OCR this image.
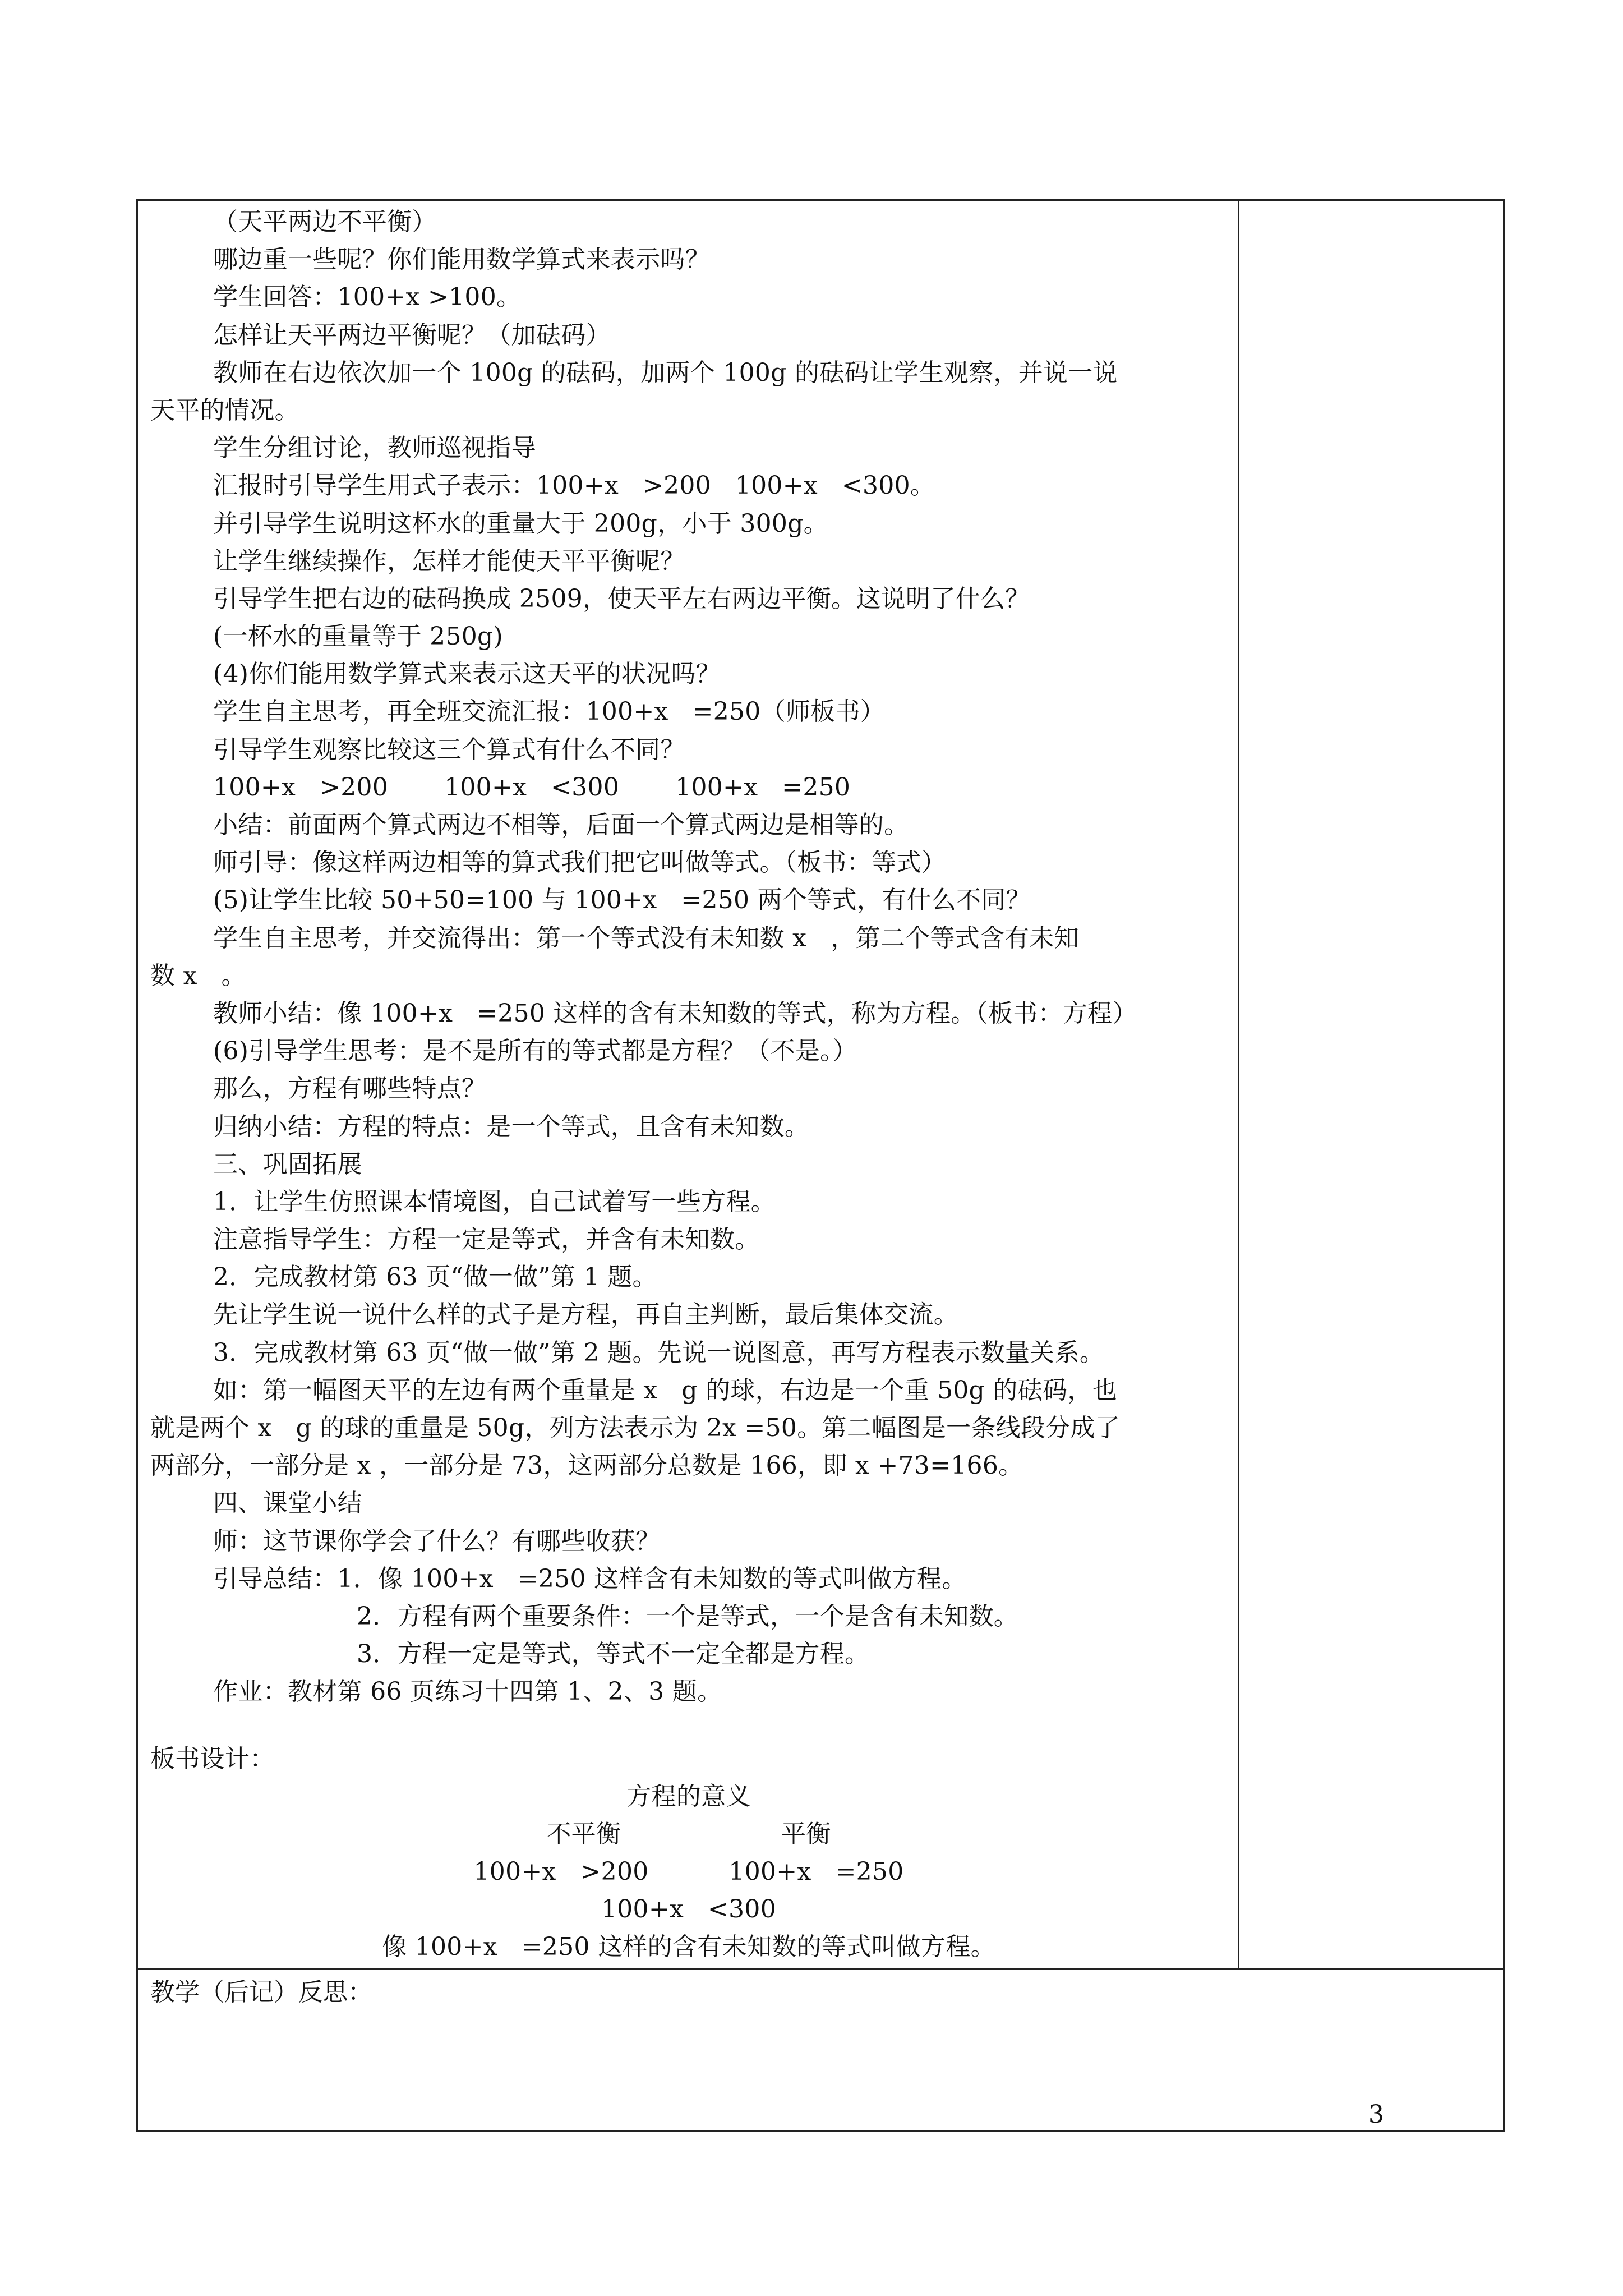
（天平两边不平衡）
哪边重一些呢？你们能用数学算式来表示吗？
学生回答：100+x >100。
怎样让天平两边平衡呢？（加砝码）
教师在右边依次加一个 100g 的砝码，加两个 100g 的砝码让学生观察，并说一说
天平的情况。
学生分组讨论，教师巡视指导
汇报时引导学生用式子表示：100+x   >200   100+x   <300。
并引导学生说明这杯水的重量大于 200g，小于 300g。
让学生继续操作，怎样才能使天平平衡呢？
引导学生把右边的砝码换成 2509，使天平左右两边平衡。这说明了什么？
(一杯水的重量等于 250g)
(4)你们能用数学算式来表示这天平的状况吗？
学生自主思考，再全班交流汇报：100+x   =250（师板书）
引导学生观察比较这三个算式有什么不同？
100+x   >200       100+x   <300       100+x   =250
小结：前面两个算式两边不相等，后面一个算式两边是相等的。
师引导：像这样两边相等的算式我们把它叫做等式。（板书：等式）
(5)让学生比较 50+50=100 与 100+x   =250 两个等式，有什么不同？
学生自主思考，并交流得出：第一个等式没有未知数 x   ，第二个等式含有未知
数 x   。
教师小结：像 100+x   =250 这样的含有未知数的等式，称为方程。（板书：方程）
(6)引导学生思考：是不是所有的等式都是方程？（不是。）
那么，方程有哪些特点？
归纳小结：方程的特点：是一个等式，且含有未知数。
三、巩固拓展
1．让学生仿照课本情境图，自己试着写一些方程。
注意指导学生：方程一定是等式，并含有未知数。
2．完成教材第 63 页“做一做”第 1 题。
先让学生说一说什么样的式子是方程，再自主判断，最后集体交流。
3．完成教材第 63 页“做一做”第 2 题。先说一说图意，再写方程表示数量关系。
如：第一幅图天平的左边有两个重量是 x   g 的球，右边是一个重 50g 的砝码，也
就是两个 x   g 的球的重量是 50g，列方法表示为 2x =50。第二幅图是一条线段分成了
两部分，一部分是 x ，一部分是 73，这两部分总数是 166，即 x +73=166。
四、课堂小结
师：这节课你学会了什么？有哪些收获？
引导总结：1．像 100+x   =250 这样含有未知数的等式叫做方程。
2．方程有两个重要条件：一个是等式，一个是含有未知数。
3．方程一定是等式，等式不一定全都是方程。
作业：教材第 66 页练习十四第 1、2、3 题。
板书设计：
方程的意义
不平衡                    平衡
100+x   >200          100+x   =250
100+x   <300
像 100+x   =250 这样的含有未知数的等式叫做方程。
教学（后记）反思：
3
